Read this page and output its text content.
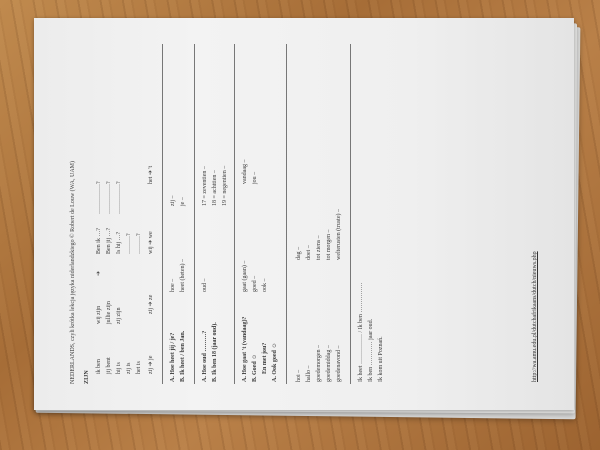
NEDERLANDS, czyli krótka lekcja języka niderlandzkiego © Robert de Louw (WA, UAM) ZIJN
ik ben
wij zijn
➔
Ben ik …?
……………?
jij bent
jullie zijn
Ben jij …?
……………?
hij is
zij zijn
Is hij …?
……………?
zij is
………?
het is
………?
zij ➔ je
zij ➔ ze
wij ➔ we
het ➔ 't
A. Hoe heet jij / je? B. Ik heet / ben Jan.
hoe – heet (heten) –
zij – je –
A. Hoe oud ………? B. Ik ben 18 (jaar oud).
oud –
17 = zeventien – 18 = achttien – 19 = negentien –
A. Hoe gaat 't (vandaag)? B. Goed ☺ En met jou? A. Ook goed ☺
gaat (gaan) – goed – ook –
vandaag – jou –
hoi – hallo – goedemorgen – goedemiddag – goedenavond –
dag – doei – tot ziens – tot morgen – welterusten (truste) –
Ik heet …………… / Ik ben …………… Ik ben ………… jaar oud. Ik kom uit Poznań.	http://wa.amu.edu.pl/dutchafrikaans/dutch/nieuws.php
